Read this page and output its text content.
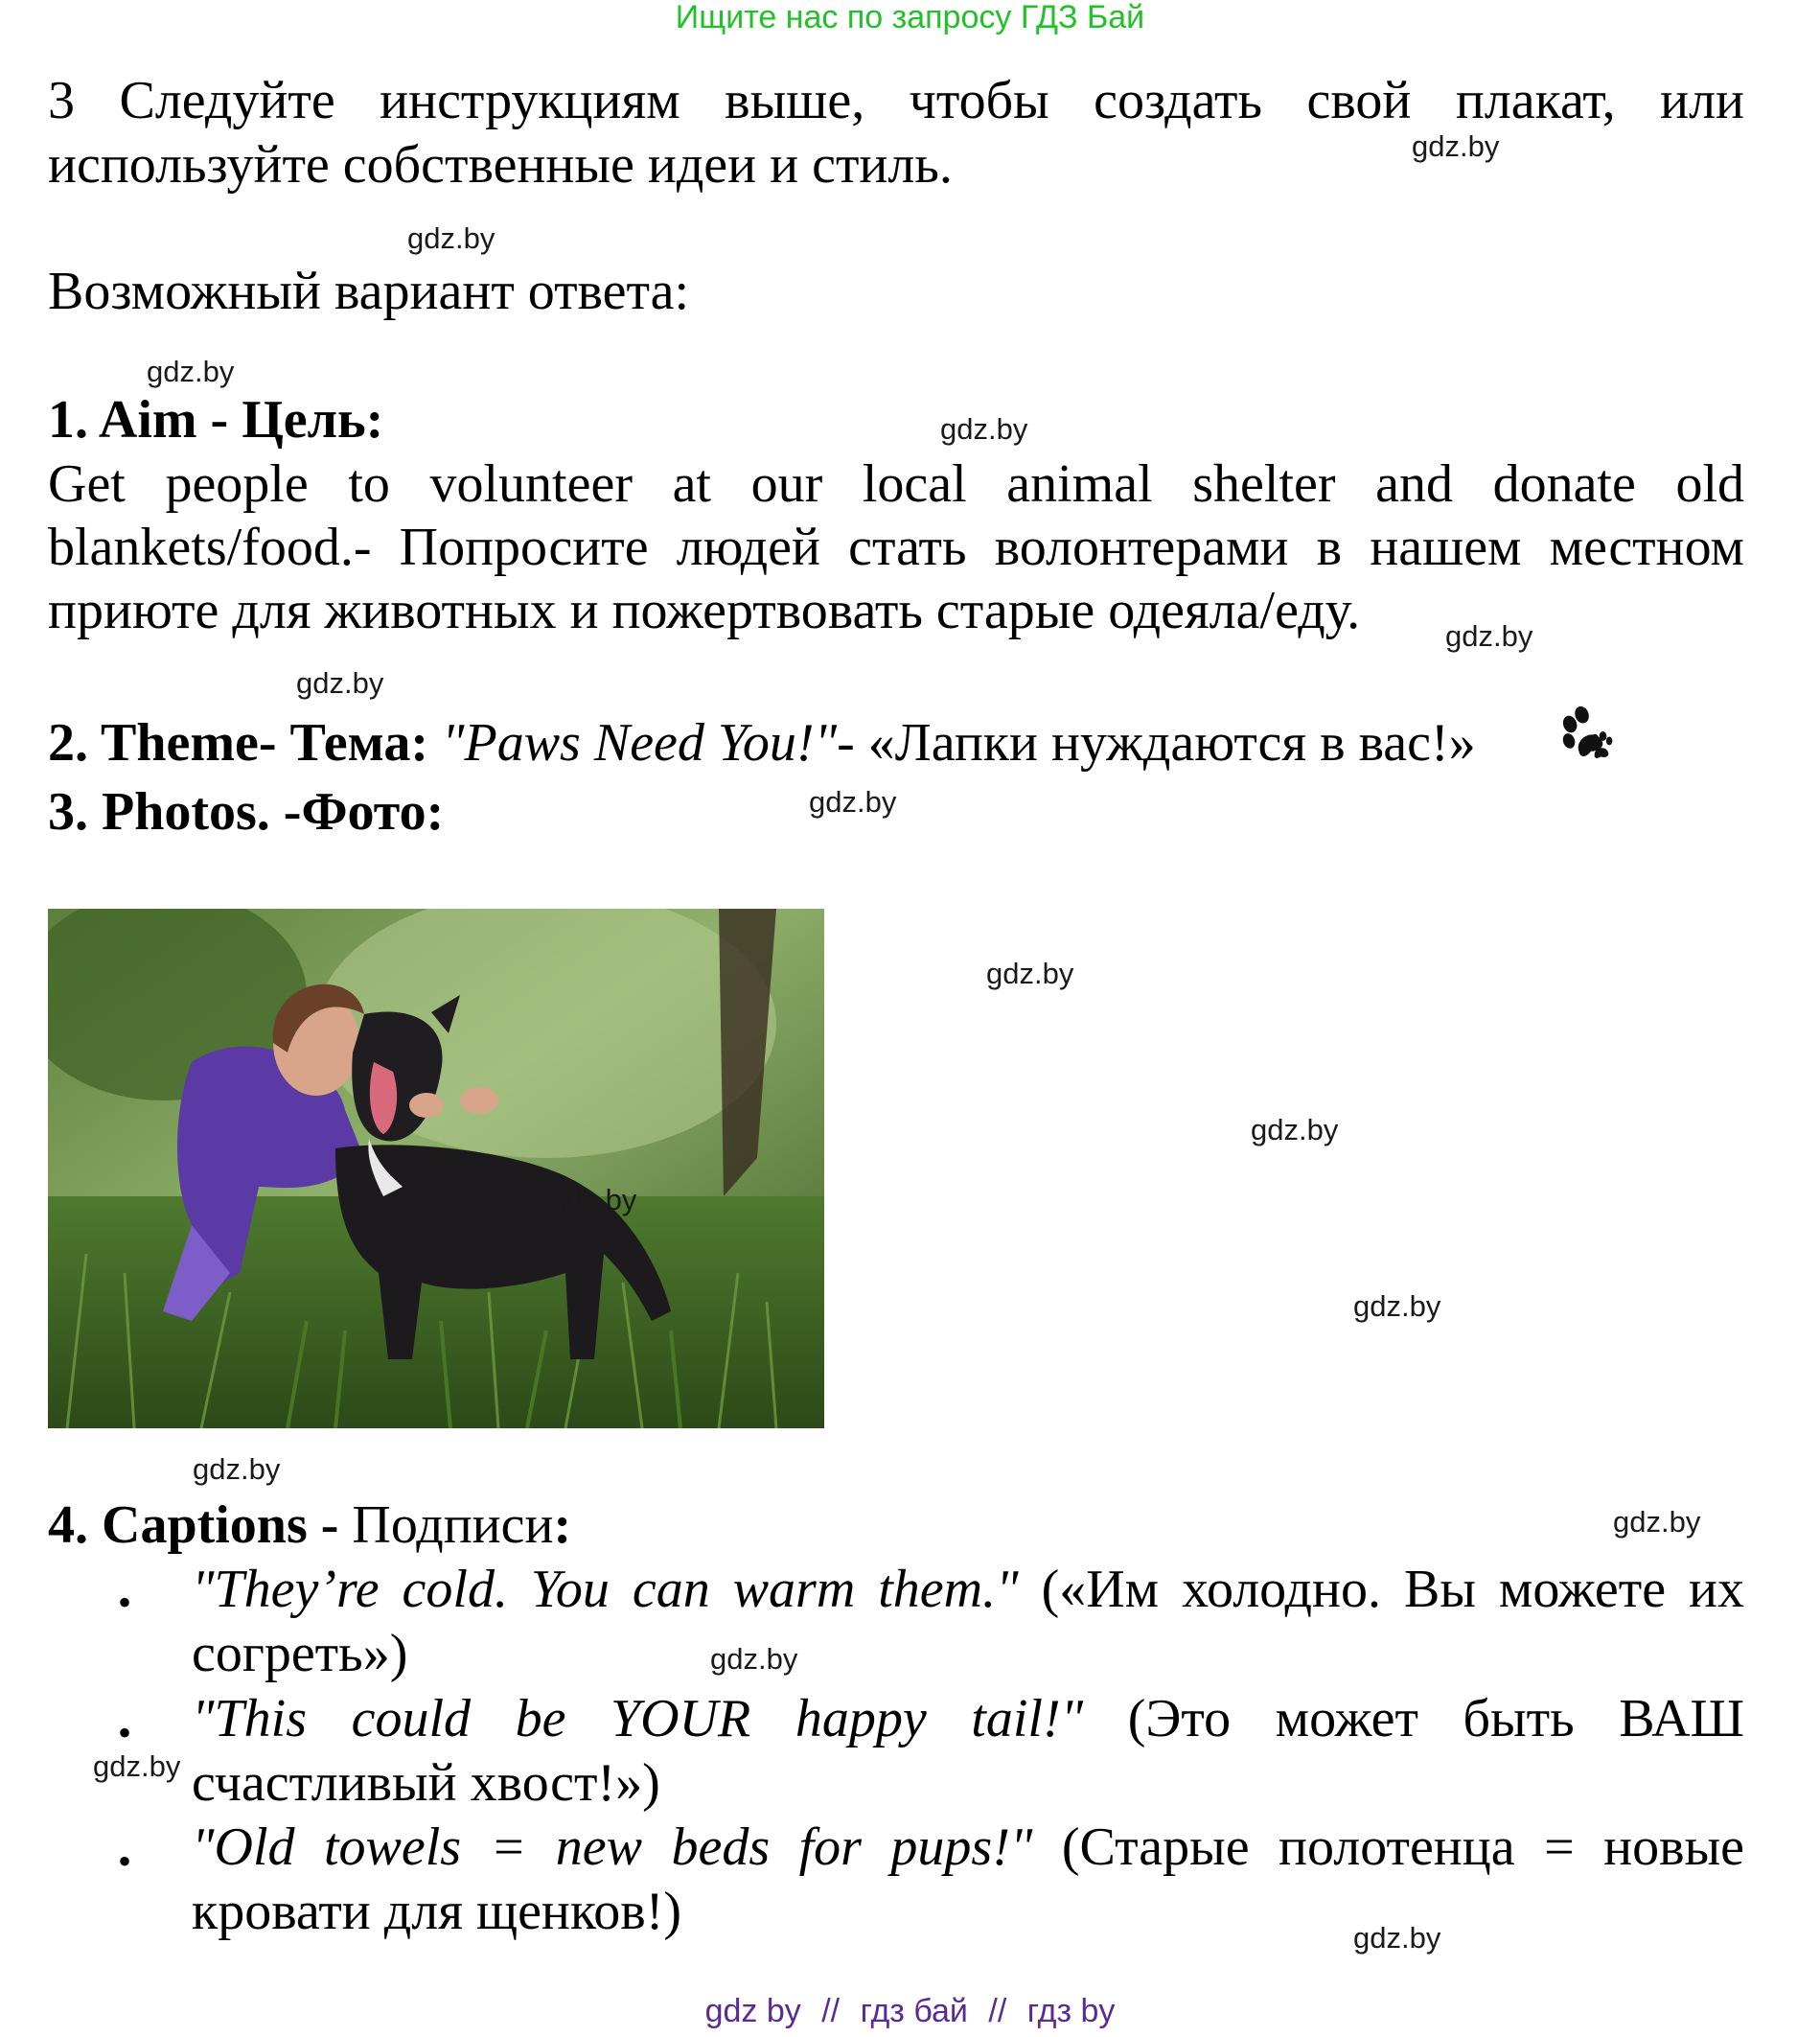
Ищите нас по запросу ГДЗ Бай
3 Следуйте инструкциям выше, чтобы создать свой плакат, или
используйте собственные идеи и стиль.
Возможный вариант ответа:
1. Aim - Цель:
Get people to volunteer at our local animal shelter and donate old
blankets/food.- Попросите людей стать волонтерами в нашем местном
приюте для животных и пожертвовать старые одеяла/еду.
2. Theme- Тема: "Paws Need You!"- «Лапки нуждаются в вас!»
3. Photos. -Фото:
4. Captions - Подписи:
• "They’re cold. You can warm them." («Им холодно. Вы можете их
согреть»)
• "This could be YOUR happy tail!" (Это может быть ВАШ
счастливый хвост!»)
• "Old towels = new beds for pups!" (Старые полотенца = новые
кровати для щенков!)
gdz.by
gdz.by
gdz.by
gdz.by
gdz.by
gdz.by
gdz.by
gdz.by
gdz.by
gdz.by
gdz.by
gdz.by
gdz.by
gdz.by
gdz.by
gdz.by
gdz by // гдз бай // гдз by
